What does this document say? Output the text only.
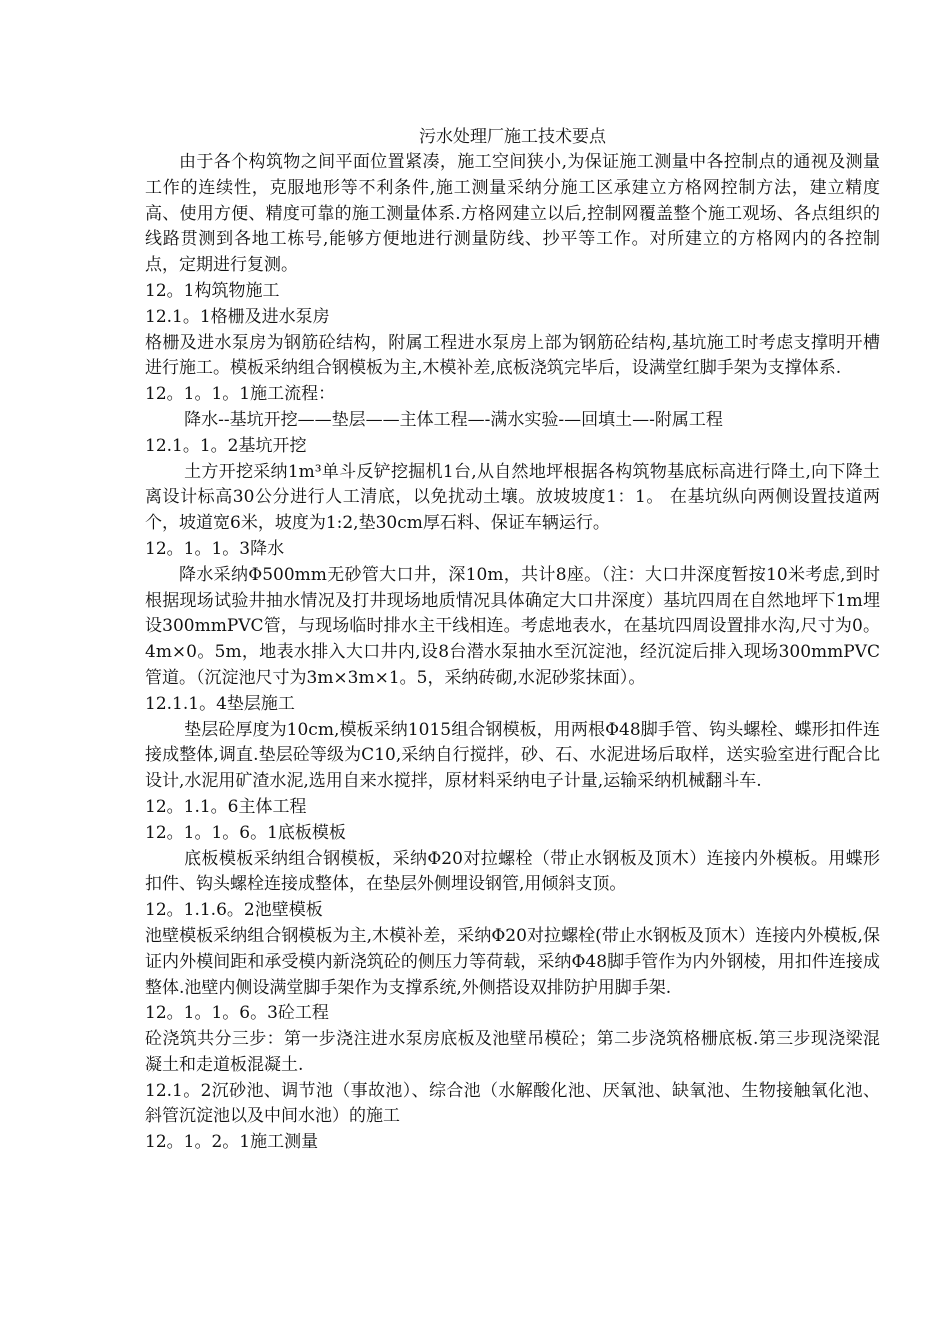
污水处理厂施工技术要点

由于各个构筑物之间平面位置紧凑，施工空间狭小,为保证施工测量中各控制点的通视及测量工作的连续性，克服地形等不利条件,施工测量采纳分施工区承建立方格网控制方法，建立精度高、使用方便、精度可靠的施工测量体系.方格网建立以后,控制网覆盖整个施工观场、各点组织的线路贯测到各地工栋号,能够方便地进行测量防线、抄平等工作。对所建立的方格网内的各控制点，定期进行复测。

12。1构筑物施工

12.1。1格栅及进水泵房

格栅及进水泵房为钢筋砼结构，附属工程进水泵房上部为钢筋砼结构,基坑施工时考虑支撑明开槽进行施工。模板采纳组合钢模板为主,木模补差,底板浇筑完毕后，设满堂红脚手架为支撑体系.

12。1。1。1施工流程：

降水--基坑开挖——垫层——主体工程—-满水实验-—回填土—-附属工程

12.1。1。2基坑开挖

土方开挖采纳1m³单斗反铲挖掘机1台,从自然地坪根据各构筑物基底标高进行降土,向下降土离设计标高30公分进行人工清底，以免扰动土壤。放坡坡度1：1。 在基坑纵向两侧设置技道两个，坡道宽6米，坡度为1:2,垫30cm厚石料、保证车辆运行。

12。1。1。3降水

降水采纳Φ500mm无砂管大口井，深10m，共计8座。（注：大口井深度暂按10米考虑,到时根据现场试验井抽水情况及打井现场地质情况具体确定大口井深度）基坑四周在自然地坪下1m埋设300mmPVC管，与现场临时排水主干线相连。考虑地表水，在基坑四周设置排水沟,尺寸为0。4m×0。5m，地表水排入大口井内,设8台潜水泵抽水至沉淀池，经沉淀后排入现场300mmPVC管道。（沉淀池尺寸为3m×3m×1。5，采纳砖砌,水泥砂浆抹面）。

12.1.1。4垫层施工

垫层砼厚度为10cm,模板采纳1015组合钢模板，用两根Φ48脚手管、钩头螺栓、蝶形扣件连接成整体,调直.垫层砼等级为C10,采纳自行搅拌，砂、石、水泥进场后取样，送实验室进行配合比设计,水泥用矿渣水泥,选用自来水搅拌，原材料采纳电子计量,运输采纳机械翻斗车.

12。1.1。6主体工程

12。1。1。6。1底板模板

底板模板采纳组合钢模板，采纳Φ20对拉螺栓（带止水钢板及顶木）连接内外模板。用蝶形扣件、钩头螺栓连接成整体，在垫层外侧埋设钢管,用倾斜支顶。

12。1.1.6。2池壁模板

池壁模板采纳组合钢模板为主,木模补差，采纳Φ20对拉螺栓(带止水钢板及顶木）连接内外模板,保证内外模间距和承受模内新浇筑砼的侧压力等荷载，采纳Φ48脚手管作为内外钢棱，用扣件连接成整体.池壁内侧设满堂脚手架作为支撑系统,外侧搭设双排防护用脚手架.

12。1。1。6。3砼工程

砼浇筑共分三步：第一步浇注进水泵房底板及池壁吊模砼；第二步浇筑格栅底板.第三步现浇梁混凝土和走道板混凝土.

12.1。2沉砂池、调节池（事故池）、综合池（水解酸化池、厌氧池、缺氧池、生物接触氧化池、斜管沉淀池以及中间水池）的施工

12。1。2。1施工测量
